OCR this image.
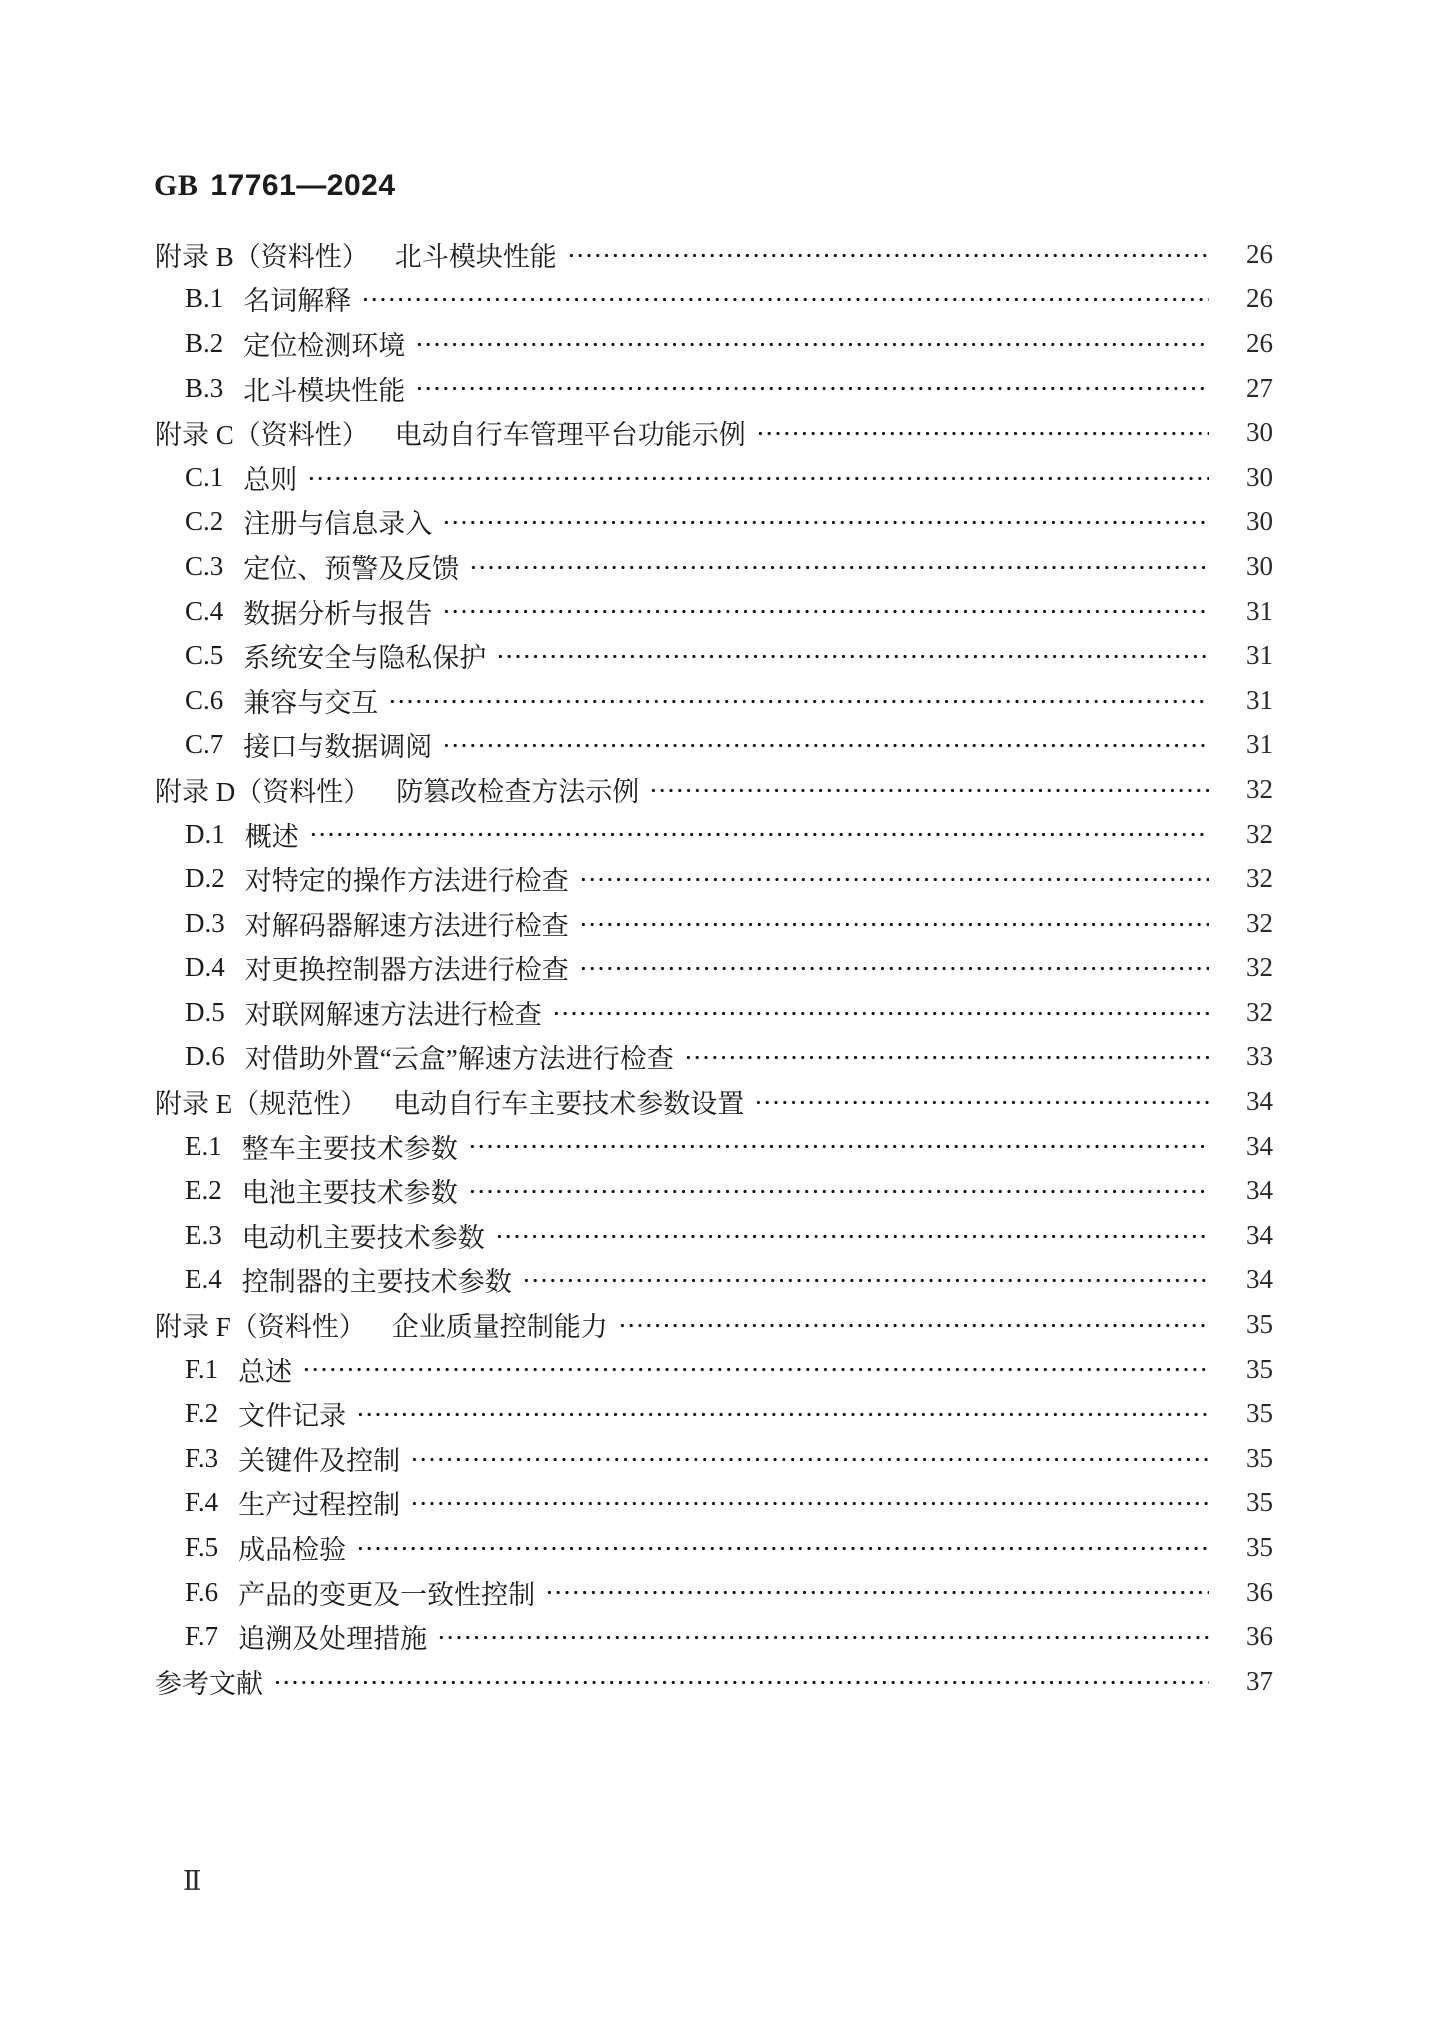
GB 17761—2024
附录 B（资料性） 北斗模块性能	26
B.1 名词解释	26
B.2 定位检测环境	26
B.3 北斗模块性能	27
附录 C（资料性） 电动自行车管理平台功能示例	30
C.1 总则	30
C.2 注册与信息录入	30
C.3 定位、预警及反馈	30
C.4 数据分析与报告	31
C.5 系统安全与隐私保护	31
C.6 兼容与交互	31
C.7 接口与数据调阅	31
附录 D（资料性） 防篡改检查方法示例	32
D.1 概述	32
D.2 对特定的操作方法进行检查	32
D.3 对解码器解速方法进行检查	32
D.4 对更换控制器方法进行检查	32
D.5 对联网解速方法进行检查	32
D.6 对借助外置“云盒”解速方法进行检查	33
附录 E（规范性） 电动自行车主要技术参数设置	34
E.1 整车主要技术参数	34
E.2 电池主要技术参数	34
E.3 电动机主要技术参数	34
E.4 控制器的主要技术参数	34
附录 F（资料性） 企业质量控制能力	35
F.1 总述	35
F.2 文件记录	35
F.3 关键件及控制	35
F.4 生产过程控制	35
F.5 成品检验	35
F.6 产品的变更及一致性控制	36
F.7 追溯及处理措施	36
参考文献	37
Ⅱ
